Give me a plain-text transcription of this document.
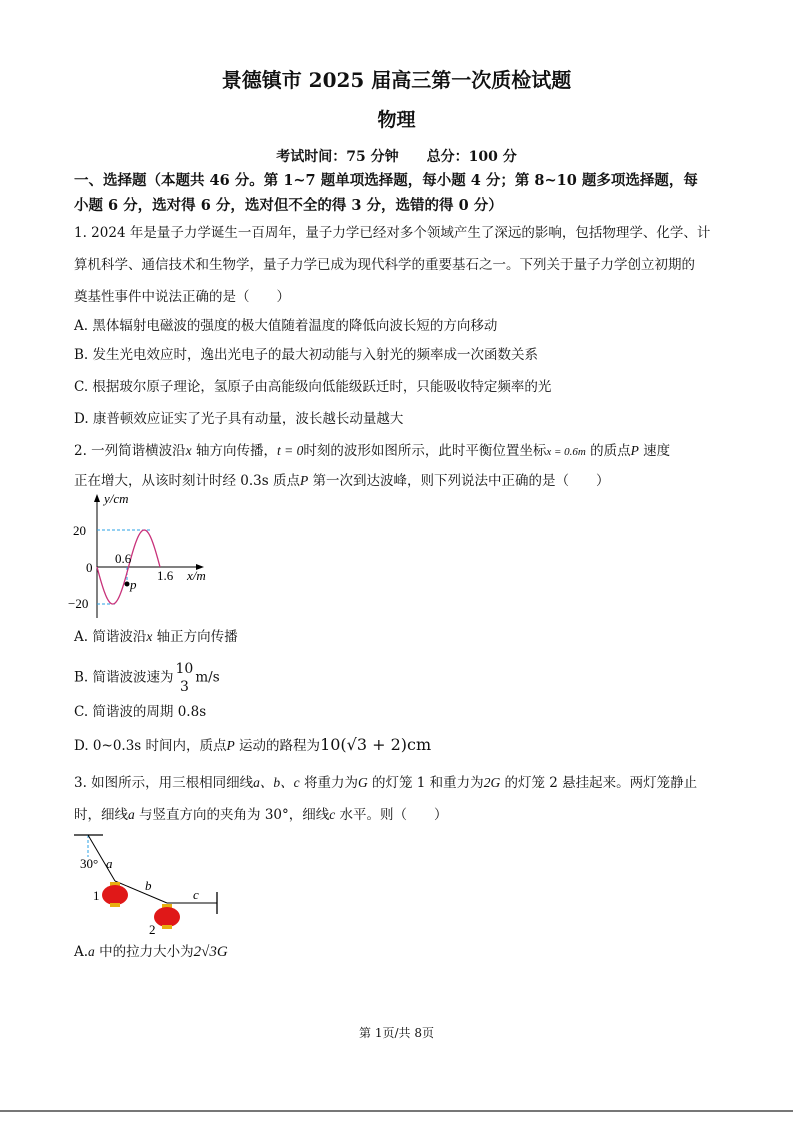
景德镇市 2025 届高三第一次质检试题
物理
考试时间：75 分钟　　总分：100 分
一、选择题（本题共 46 分。第 1~7 题单项选择题，每小题 4 分；第 8~10 题多项选择题，每
小题 6 分，选对得 6 分，选对但不全的得 3 分，选错的得 0 分）
1. 2024 年是量子力学诞生一百周年，量子力学已经对多个领域产生了深远的影响，包括物理学、化学、计
算机科学、通信技术和生物学，量子力学已成为现代科学的重要基石之一。下列关于量子力学创立初期的
奠基性事件中说法正确的是（　　）
A. 黑体辐射电磁波的强度的极大值随着温度的降低向波长短的方向移动
B. 发生光电效应时，逸出光电子的最大初动能与入射光的频率成一次函数关系
C. 根据玻尔原子理论，氢原子由高能级向低能级跃迁时，只能吸收特定频率的光
D. 康普顿效应证实了光子具有动量，波长越长动量越大
2. 一列简谐横波沿x 轴方向传播，t = 0时刻的波形如图所示，此时平衡位置坐标x = 0.6m 的质点P 速度
正在增大，从该时刻计时经 0.3s 质点P 第一次到达波峰，则下列说法中正确的是（　　）
y/cm
20
0
−20
0.6
1.6 x/m
p
A. 简谐波沿x 轴正方向传播
B. 简谐波波速为
10
3
m/s
C. 简谐波的周期 0.8s
D. 0~0.3s 时间内，质点P 运动的路程为10(√3 + 2)cm
3. 如图所示，用三根相同细线a、b、c 将重力为G 的灯笼 1 和重力为2G 的灯笼 2 悬挂起来。两灯笼静止
时，细线a 与竖直方向的夹角为 30°，细线c 水平。则（　　）
30° a
b
c
1
2
A.a 中的拉力大小为2√3G
第 1页/共 8页
